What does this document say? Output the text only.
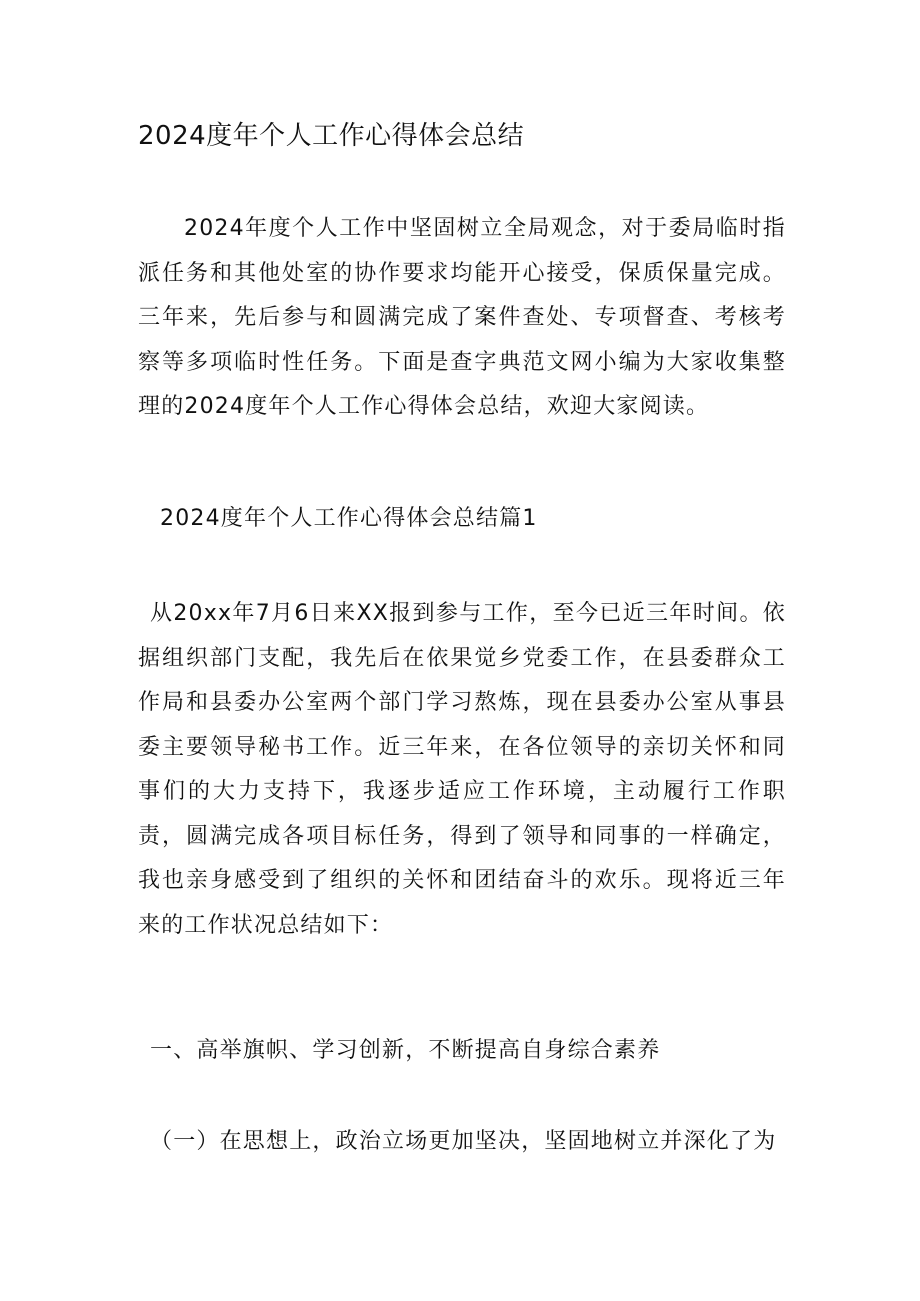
2024度年个人工作心得体会总结

2024年度个人工作中坚固树立全局观念，对于委局临时指派任务和其他处室的协作要求均能开心接受，保质保量完成。三年来，先后参与和圆满完成了案件查处、专项督查、考核考察等多项临时性任务。下面是查字典范文网小编为大家收集整理的2024度年个人工作心得体会总结，欢迎大家阅读。

2024度年个人工作心得体会总结篇1

从20xx年7月6日来XX报到参与工作，至今已近三年时间。依据组织部门支配，我先后在依果觉乡党委工作，在县委群众工作局和县委办公室两个部门学习熬炼，现在县委办公室从事县委主要领导秘书工作。近三年来，在各位领导的亲切关怀和同事们的大力支持下，我逐步适应工作环境，主动履行工作职责，圆满完成各项目标任务，得到了领导和同事的一样确定，我也亲身感受到了组织的关怀和团结奋斗的欢乐。现将近三年来的工作状况总结如下：

一、高举旗帜、学习创新，不断提高自身综合素养

（一）在思想上，政治立场更加坚决，坚固地树立并深化了为
